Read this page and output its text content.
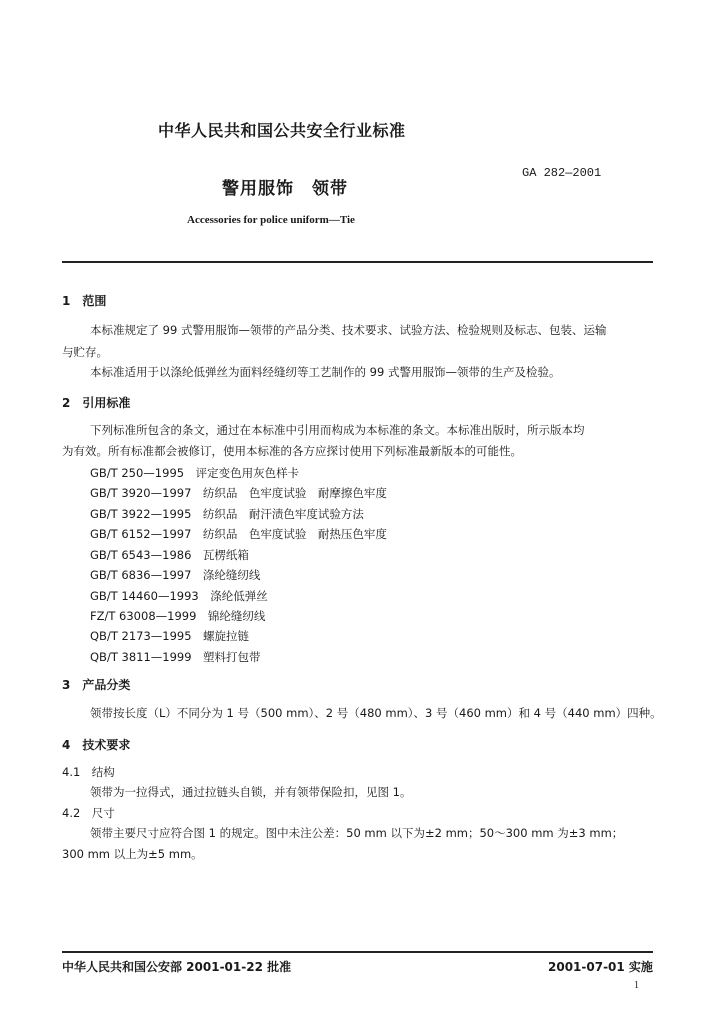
中华人民共和国公共安全行业标准
警用服饰　领带
GA 282—2001
Accessories for police uniform—Tie
1　范围
本标准规定了 99 式警用服饰—领带的产品分类、技术要求、试验方法、检验规则及标志、包装、运输
与贮存。
本标准适用于以涤纶低弹丝为面料经缝纫等工艺制作的 99 式警用服饰—领带的生产及检验。
2　引用标准
下列标准所包含的条文，通过在本标准中引用而构成为本标准的条文。本标准出版时，所示版本均
为有效。所有标准都会被修订，使用本标准的各方应探讨使用下列标准最新版本的可能性。
GB/T 250—1995　评定变色用灰色样卡
GB/T 3920—1997　纺织品　色牢度试验　耐摩擦色牢度
GB/T 3922—1995　纺织品　耐汗渍色牢度试验方法
GB/T 6152—1997　纺织品　色牢度试验　耐热压色牢度
GB/T 6543—1986　瓦楞纸箱
GB/T 6836—1997　涤纶缝纫线
GB/T 14460—1993　涤纶低弹丝
FZ/T 63008—1999　锦纶缝纫线
QB/T 2173—1995　螺旋拉链
QB/T 3811—1999　塑料打包带
3　产品分类
领带按长度（L）不同分为 1 号（500 mm）、2 号（480 mm）、3 号（460 mm）和 4 号（440 mm）四种。
4　技术要求
4.1　结构
领带为一拉得式，通过拉链头自锁，并有领带保险扣，见图 1。
4.2　尺寸
领带主要尺寸应符合图 1 的规定。图中未注公差：50 mm 以下为±2 mm；50～300 mm 为±3 mm；
300 mm 以上为±5 mm。
中华人民共和国公安部 2001-01-22 批准	2001-07-01 实施
1
